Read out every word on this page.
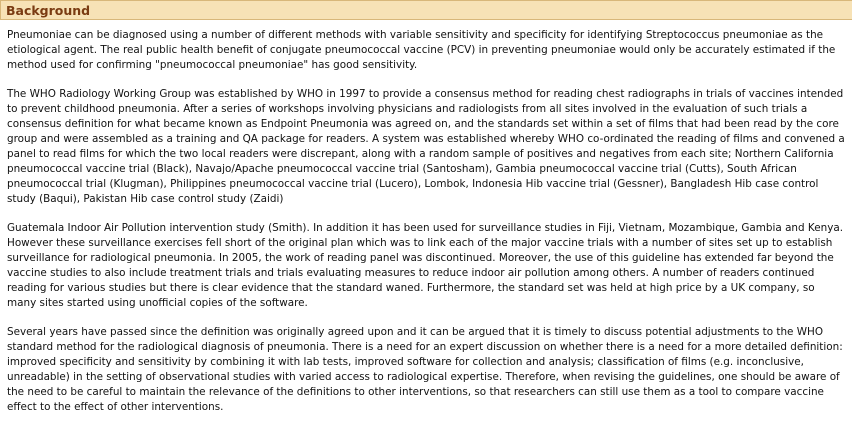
Background

Pneumoniae can be diagnosed using a number of different methods with variable sensitivity and specificity for identifying Streptococcus pneumoniae as the etiological agent. The real public health benefit of conjugate pneumococcal vaccine (PCV) in preventing pneumoniae would only be accurately estimated if the method used for confirming "pneumococcal pneumoniae" has good sensitivity.

The WHO Radiology Working Group was established by WHO in 1997 to provide a consensus method for reading chest radiographs in trials of vaccines intended to prevent childhood pneumonia. After a series of workshops involving physicians and radiologists from all sites involved in the evaluation of such trials a consensus definition for what became known as Endpoint Pneumonia was agreed on, and the standards set within a set of films that had been read by the core group and were assembled as a training and QA package for readers. A system was established whereby WHO co-ordinated the reading of films and convened a panel to read films for which the two local readers were discrepant, along with a random sample of positives and negatives from each site; Northern California pneumococcal vaccine trial (Black), Navajo/Apache pneumococcal vaccine trial (Santosham), Gambia pneumococcal vaccine trial (Cutts), South African pneumococcal trial (Klugman), Philippines pneumococcal vaccine trial (Lucero), Lombok, Indonesia Hib vaccine trial (Gessner), Bangladesh Hib case control study (Baqui), Pakistan Hib case control study (Zaidi)

Guatemala Indoor Air Pollution intervention study (Smith). In addition it has been used for surveillance studies in Fiji, Vietnam, Mozambique, Gambia and Kenya. However these surveillance exercises fell short of the original plan which was to link each of the major vaccine trials with a number of sites set up to establish surveillance for radiological pneumonia. In 2005, the work of reading panel was discontinued. Moreover, the use of this guideline has extended far beyond the vaccine studies to also include treatment trials and trials evaluating measures to reduce indoor air pollution among others. A number of readers continued reading for various studies but there is clear evidence that the standard waned. Furthermore, the standard set was held at high price by a UK company, so many sites started using unofficial copies of the software.

Several years have passed since the definition was originally agreed upon and it can be argued that it is timely to discuss potential adjustments to the WHO standard method for the radiological diagnosis of pneumonia. There is a need for an expert discussion on whether there is a need for a more detailed definition: improved specificity and sensitivity by combining it with lab tests, improved software for collection and analysis; classification of films (e.g. inconclusive, unreadable) in the setting of observational studies with varied access to radiological expertise. Therefore, when revising the guidelines, one should be aware of the need to be careful to maintain the relevance of the definitions to other interventions, so that researchers can still use them as a tool to compare vaccine effect to the effect of other interventions.
